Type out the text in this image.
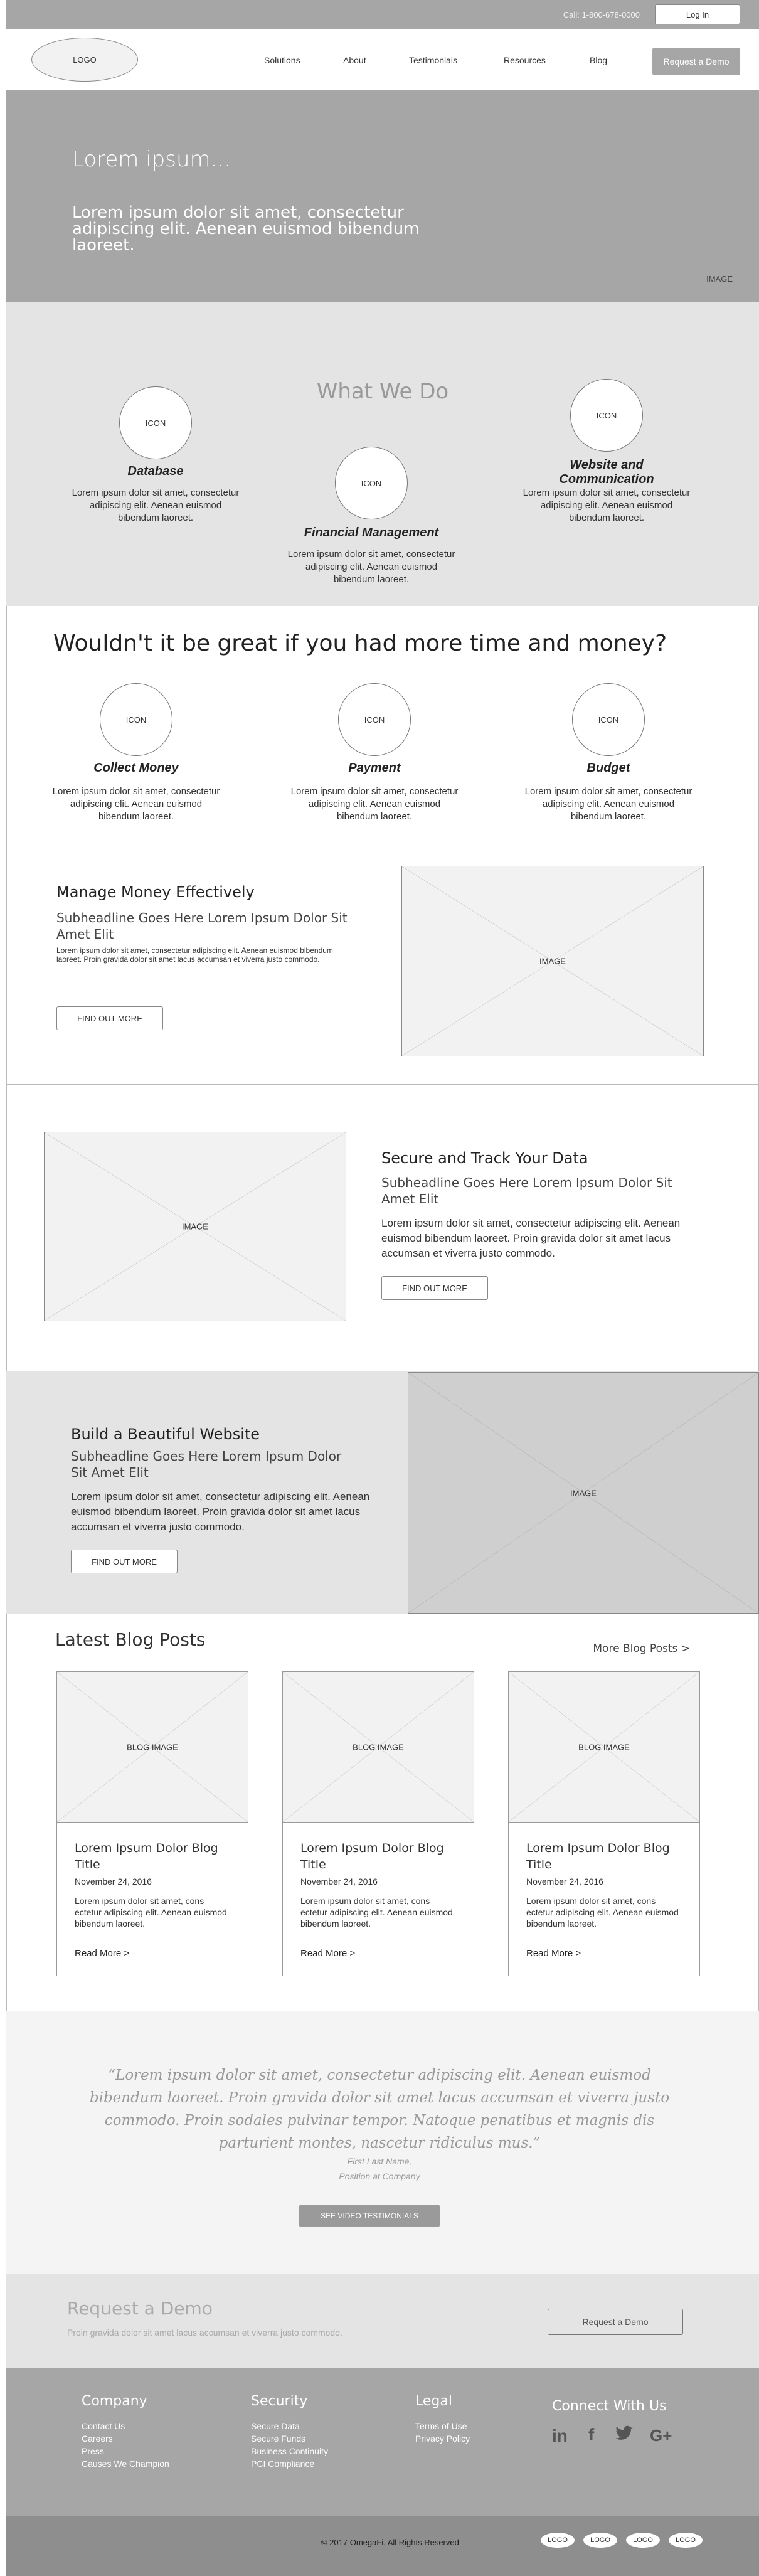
Call: 1-800-678-0000	Log In
LOGO	Solutions	About	Testimonials	Resources	Blog	Request a Demo
Lorem ipsum...
Lorem ipsum dolor sit amet, consectetur adipiscing elit. Aenean euismod bibendum laoreet.
IMAGE
What We Do
ICON
Database
Lorem ipsum dolor sit amet, consectetur adipiscing elit. Aenean euismod bibendum laoreet.
ICON
Financial Management
Lorem ipsum dolor sit amet, consectetur adipiscing elit. Aenean euismod bibendum laoreet.
ICON
Website and Communication
Lorem ipsum dolor sit amet, consectetur adipiscing elit. Aenean euismod bibendum laoreet.
Wouldn't it be great if you had more time and money?
ICON
Collect Money
Lorem ipsum dolor sit amet, consectetur adipiscing elit. Aenean euismod bibendum laoreet.
ICON
Payment
Lorem ipsum dolor sit amet, consectetur adipiscing elit. Aenean euismod bibendum laoreet.
ICON
Budget
Lorem ipsum dolor sit amet, consectetur adipiscing elit. Aenean euismod bibendum laoreet.
Manage Money Effectively
Subheadline Goes Here Lorem Ipsum Dolor Sit Amet Elit
Lorem ipsum dolor sit amet, consectetur adipiscing elit. Aenean euismod bibendum laoreet. Proin gravida dolor sit amet lacus accumsan et viverra justo commodo.
FIND OUT MORE
IMAGE
IMAGE
Secure and Track Your Data
Subheadline Goes Here Lorem Ipsum Dolor Sit Amet Elit
Lorem ipsum dolor sit amet, consectetur adipiscing elit. Aenean euismod bibendum laoreet. Proin gravida dolor sit amet lacus accumsan et viverra justo commodo.
FIND OUT MORE
Build a Beautiful Website
Subheadline Goes Here Lorem Ipsum Dolor Sit Amet Elit
Lorem ipsum dolor sit amet, consectetur adipiscing elit. Aenean euismod bibendum laoreet. Proin gravida dolor sit amet lacus accumsan et viverra justo commodo.
FIND OUT MORE
IMAGE
Latest Blog Posts	More Blog Posts >
BLOG IMAGE
Lorem Ipsum Dolor Blog Title
November 24, 2016
Lorem ipsum dolor sit amet, cons ectetur adipiscing elit. Aenean euismod bibendum laoreet.
Read More >
BLOG IMAGE
Lorem Ipsum Dolor Blog Title
November 24, 2016
Lorem ipsum dolor sit amet, cons ectetur adipiscing elit. Aenean euismod bibendum laoreet.
Read More >
BLOG IMAGE
Lorem Ipsum Dolor Blog Title
November 24, 2016
Lorem ipsum dolor sit amet, cons ectetur adipiscing elit. Aenean euismod bibendum laoreet.
Read More >
“Lorem ipsum dolor sit amet, consectetur adipiscing elit. Aenean euismod bibendum laoreet. Proin gravida dolor sit amet lacus accumsan et viverra justo commodo. Proin sodales pulvinar tempor. Natoque penatibus et magnis dis parturient montes, nascetur ridiculus mus.”
First Last Name,
Position at Company
SEE VIDEO TESTIMONIALS
Request a Demo
Proin gravida dolor sit amet lacus accumsan et viverra justo commodo.
Request a Demo
Company
Contact Us
Careers
Press
Causes We Champion
Security
Secure Data
Secure Funds
Business Continuity
PCI Compliance
Legal
Terms of Use
Privacy Policy
Connect With Us
in f	G+
© 2017 OmegaFi. All Rights Reserved	LOGO	LOGO	LOGO	LOGO
